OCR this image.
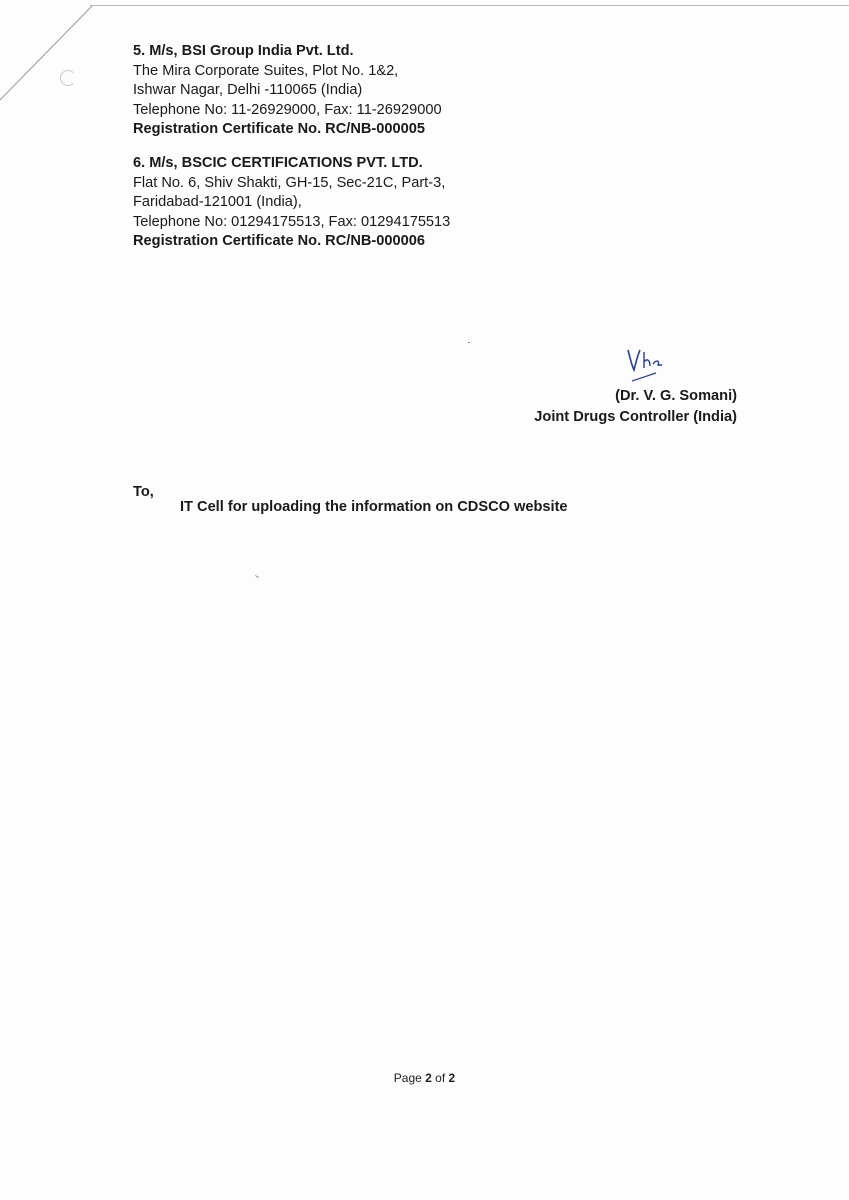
5. M/s, BSI Group India Pvt. Ltd.
The Mira Corporate Suites, Plot No. 1&2,
Ishwar Nagar, Delhi -110065 (India)
Telephone No: 11-26929000, Fax: 11-26929000
Registration Certificate No. RC/NB-000005
6. M/s, BSCIC CERTIFICATIONS PVT. LTD.
Flat No. 6, Shiv Shakti, GH-15, Sec-21C, Part-3,
Faridabad-121001 (India),
Telephone No: 01294175513, Fax: 01294175513
Registration Certificate No. RC/NB-000006
(Dr. V. G. Somani)
Joint Drugs Controller (India)
To,
IT Cell for uploading the information on CDSCO website
Page 2 of 2
